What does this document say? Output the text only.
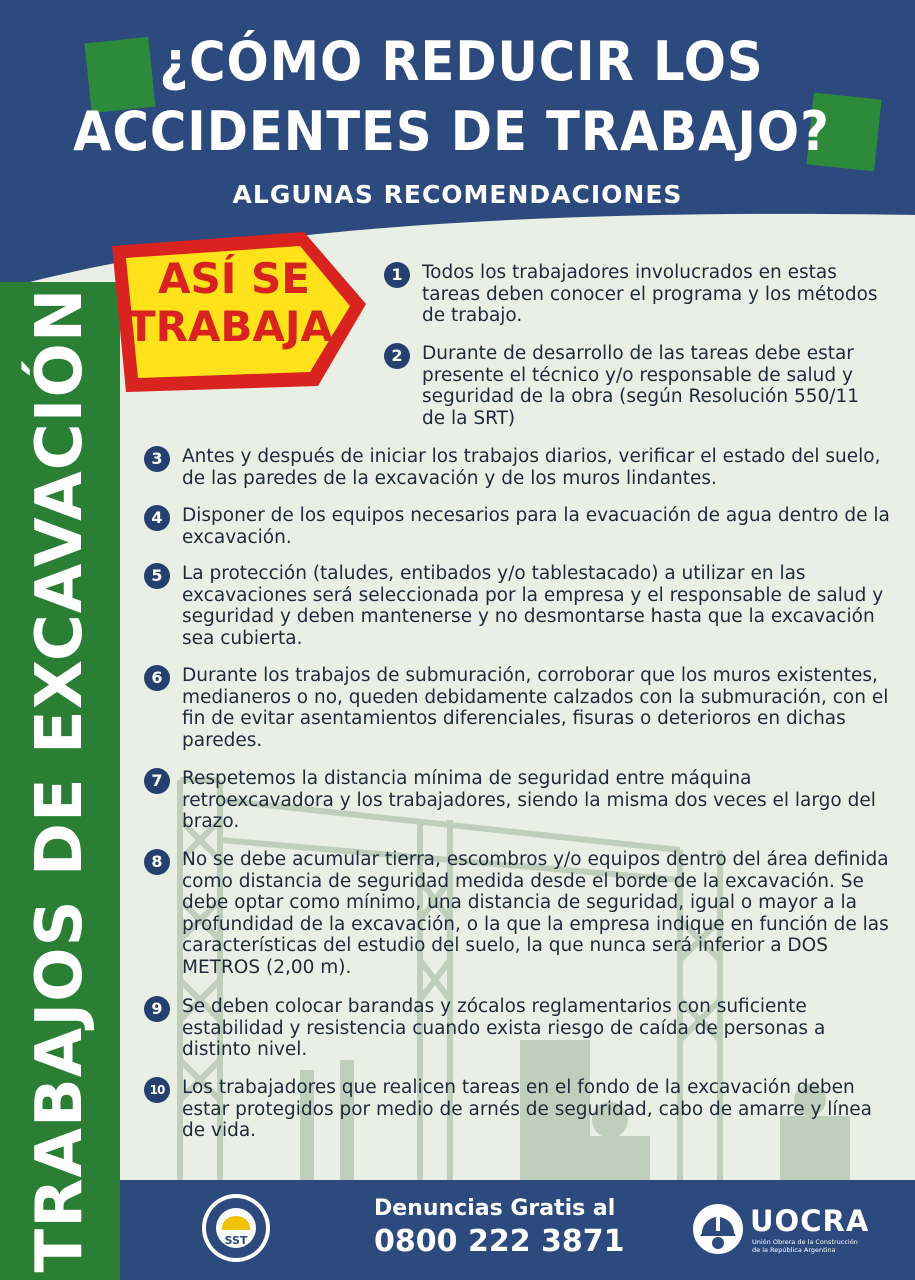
¿CÓMO REDUCIR LOS
ACCIDENTES DE TRABAJO?
ALGUNAS RECOMENDACIONES
TRABAJOS DE EXCAVACIÓN
ASÍ SE
TRABAJA
1	Todos los trabajadores involucrados en estas tareas deben conocer el programa y los métodos de trabajo.
2	Durante de desarrollo de las tareas debe estar presente el técnico y/o responsable de salud y seguridad de la obra (según Resolución 550/11 de la SRT)
3	Antes y después de iniciar los trabajos diarios, verificar el estado del suelo, de las paredes de la excavación y de los muros lindantes.
4	Disponer de los equipos necesarios para la evacuación de agua dentro de la excavación.
5	La protección (taludes, entibados y/o tablestacado) a utilizar en las excavaciones será seleccionada por la empresa y el responsable de salud y seguridad y deben mantenerse y no desmontarse hasta que la excavación sea cubierta.
6	Durante los trabajos de submuración, corroborar que los muros existentes, medianeros o no, queden debidamente calzados con la submuración, con el fin de evitar asentamientos diferenciales, fisuras o deterioros en dichas paredes.
7	Respetemos la distancia mínima de seguridad entre máquina retroexcavadora y los trabajadores, siendo la misma dos veces el largo del brazo.
8	No se debe acumular tierra, escombros y/o equipos dentro del área definida como distancia de seguridad medida desde el borde de la excavación. Se debe optar como mínimo, una distancia de seguridad, igual o mayor a la profundidad de la excavación, o la que la empresa indique en función de las características del estudio del suelo, la que nunca será inferior a DOS METROS (2,00 m).
9	Se deben colocar barandas y zócalos reglamentarios con suficiente estabilidad y resistencia cuando exista riesgo de caída de personas a distinto nivel.
10 Los trabajadores que realicen tareas en el fondo de la excavación deben estar protegidos por medio de arnés de seguridad, cabo de amarre y línea de vida.
SST
Denuncias Gratis al
0800 222 3871
UOCRA
Unión Obrera de la Construcción de la República Argentina
